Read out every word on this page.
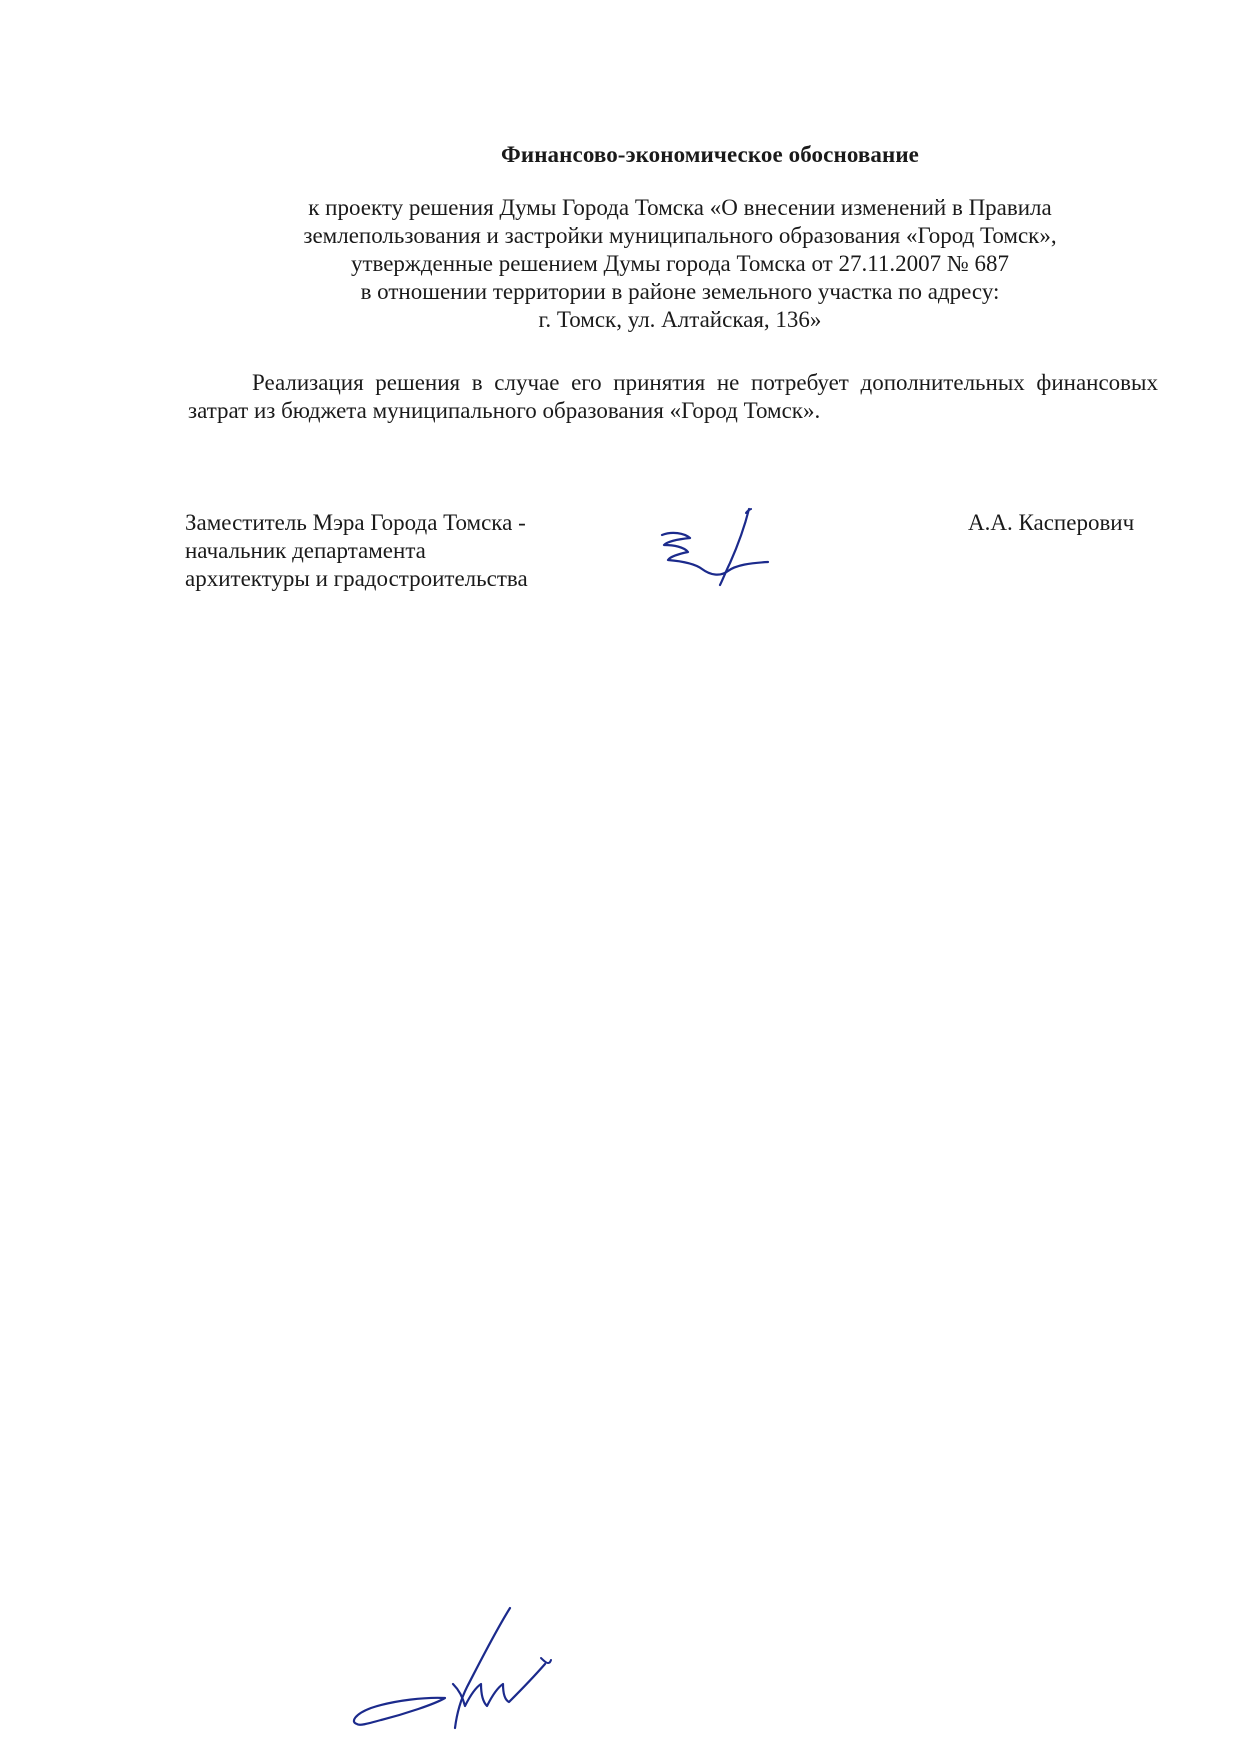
Финансово-экономическое обоснование
к проекту решения Думы Города Томска «О внесении изменений в Правила
землепользования и застройки муниципального образования «Город Томск»,
утвержденные решением Думы города Томска от 27.11.2007 № 687
в отношении территории в районе земельного участка по адресу:
г. Томск, ул. Алтайская, 136»
Реализация решения в случае его принятия не потребует дополнительных финансовых затрат из бюджета муниципального образования «Город Томск».
Заместитель Мэра Города Томска -
начальник департамента
архитектуры и градостроительства
А.А. Касперович
